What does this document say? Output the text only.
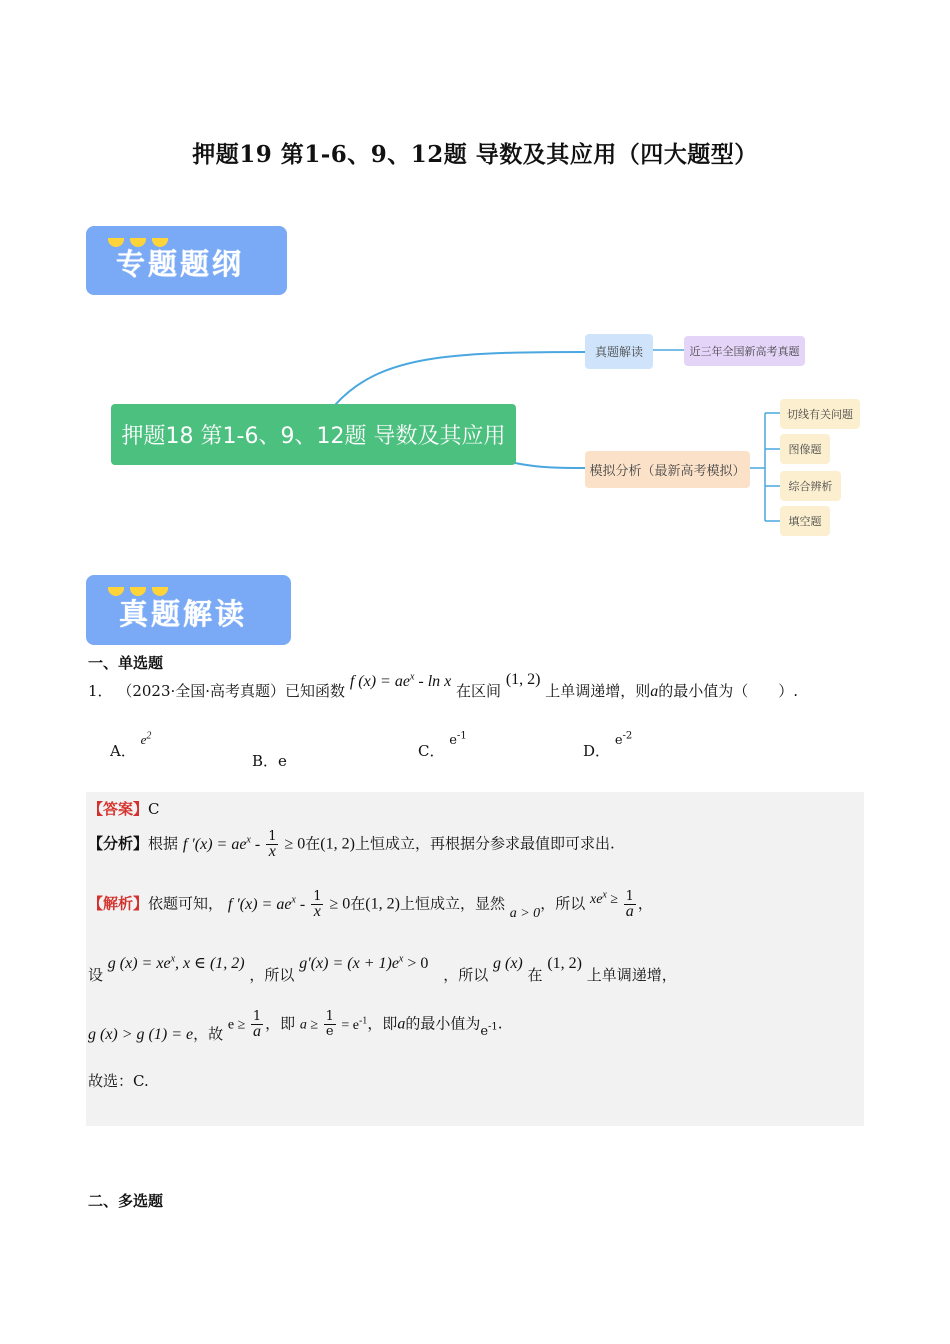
押题19 第1-6、9、12题 导数及其应用（四大题型）
专题题纲
押题18 第1-6、9、12题 导数及其应用
真题解读	近三年全国新高考真题
模拟分析（最新高考模拟）
切线有关问题
图像题
综合辨析
填空题
真题解读
一、单选题
1． （2023·全国·高考真题）已知函数 f $(x) = ae^x - \ln x$ 在区间 (1, 2) 上单调递增，则a的最小值为（　　）.
A． $e^2$
B．e
C． $e^{-1}$
D． $e^{-2}$
【答案】C
【分析】根据 f $'(x) = ae^x - \frac{1}{x} \ge 0$在(1, 2)上恒成立，再根据分参求最值即可求出.
【解析】依题可知， f $'(x) = ae^x - \frac{1}{x} \ge 0$在(1, 2)上恒成立，显然 a > 0，所以 $xe^x \ge \frac{1}{a}$ ，
设 g $(x) = xe^x$, x ∈ (1, 2) ，所以 $g'(x) = (x + 1)e^x > 0$ ，所以 g (x) 在 (1, 2) 上单调递增，
g (x) > g (1) = e，故 $e \ge \frac{1}{a}$ ，即 $a \ge \frac{1}{e} = e^{-1}$，即a的最小值为$e^{-1}$.
故选：C.
二、多选题
